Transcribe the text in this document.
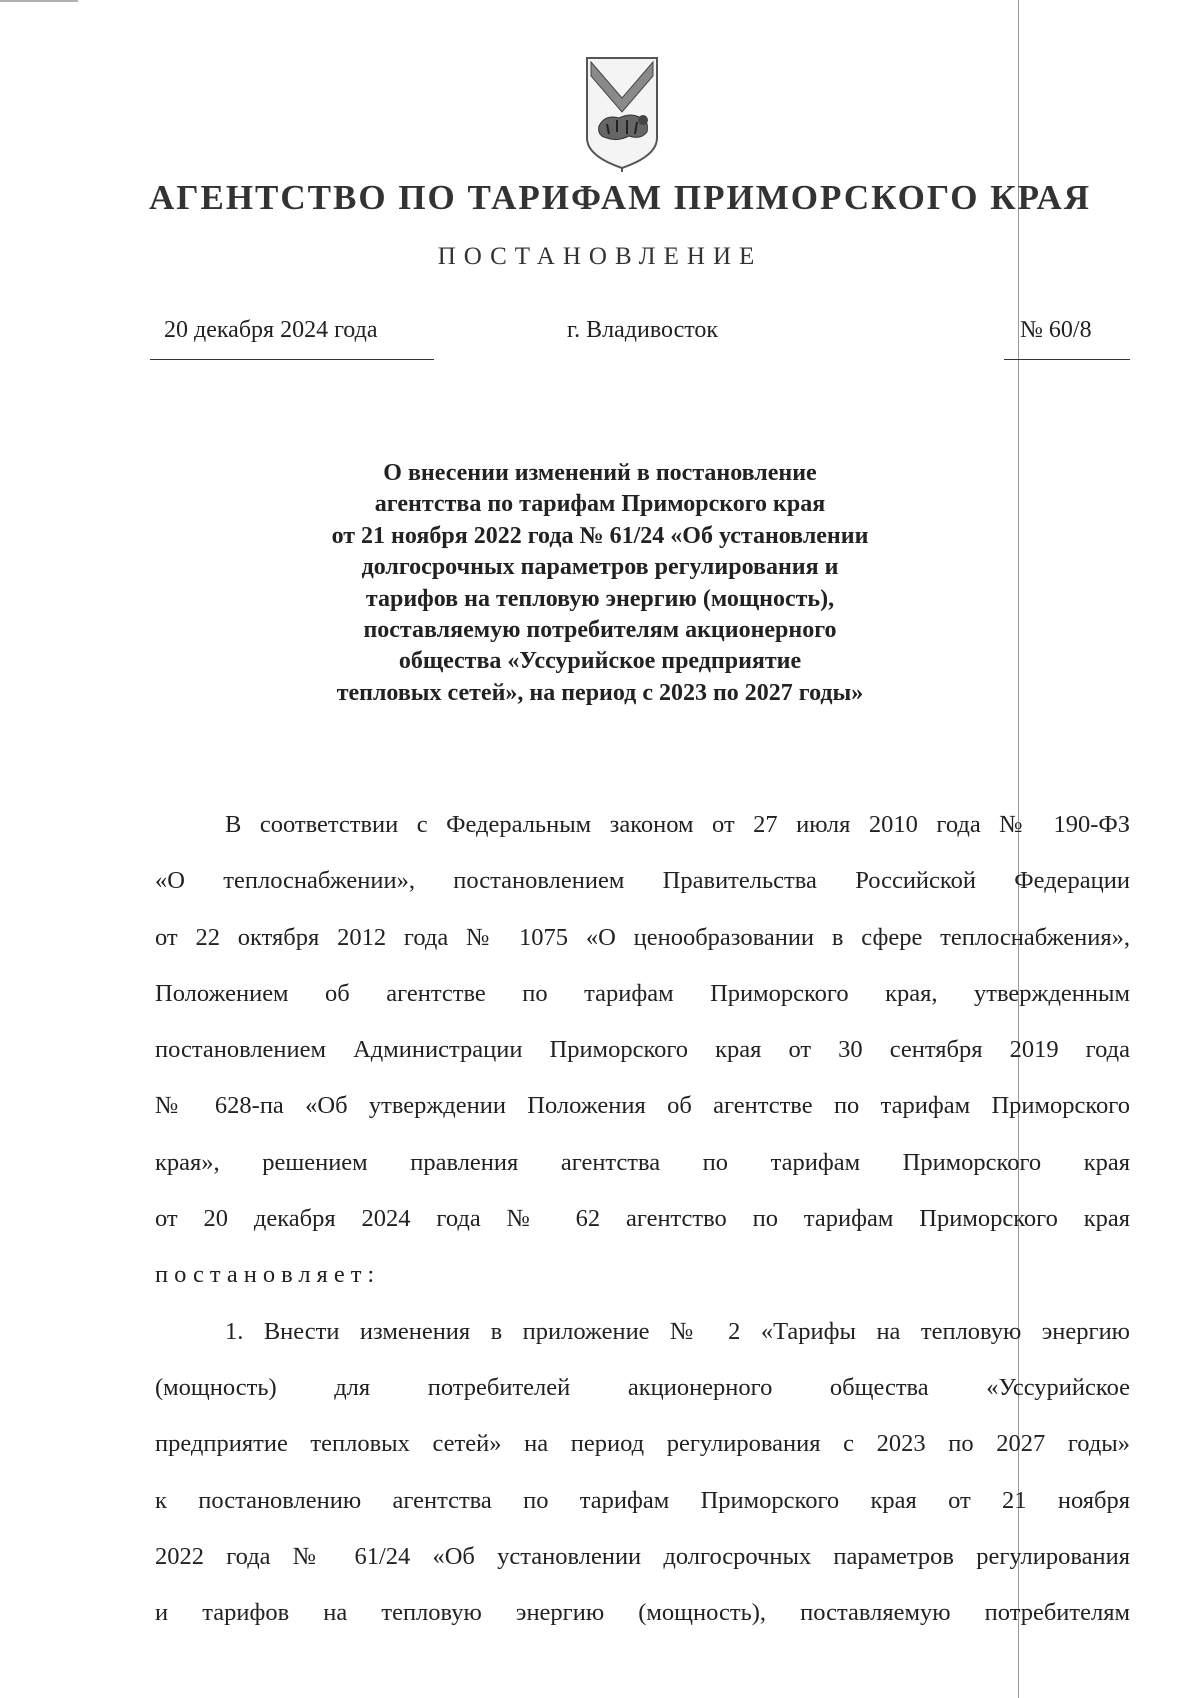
АГЕНТСТВО ПО ТАРИФАМ ПРИМОРСКОГО КРАЯ
ПОСТАНОВЛЕНИЕ
20 декабря 2024 года	г. Владивосток	№ 60/8
О внесении изменений в постановление
агентства по тарифам Приморского края
от 21 ноября 2022 года № 61/24 «Об установлении
долгосрочных параметров регулирования и
тарифов на тепловую энергию (мощность),
поставляемую потребителям акционерного
общества «Уссурийское предприятие
тепловых сетей», на период с 2023 по 2027 годы»

В соответствии с Федеральным законом от 27 июля 2010 года № 190-ФЗ
«О теплоснабжении», постановлением Правительства Российской Федерации
от 22 октября 2012 года № 1075 «О ценообразовании в сфере теплоснабжения»,
Положением об агентстве по тарифам Приморского края, утвержденным
постановлением Администрации Приморского края от 30 сентября 2019 года
№ 628-па «Об утверждении Положения об агентстве по тарифам Приморского
края», решением правления агентства по тарифам Приморского края
от 20 декабря 2024 года № 62 агентство по тарифам Приморского края
постановляет:

1. Внести изменения в приложение № 2 «Тарифы на тепловую энергию
(мощность) для потребителей акционерного общества «Уссурийское
предприятие тепловых сетей» на период регулирования с 2023 по 2027 годы»
к постановлению агентства по тарифам Приморского края от 21 ноября
2022 года № 61/24 «Об установлении долгосрочных параметров регулирования
и тарифов на тепловую энергию (мощность), поставляемую потребителям
